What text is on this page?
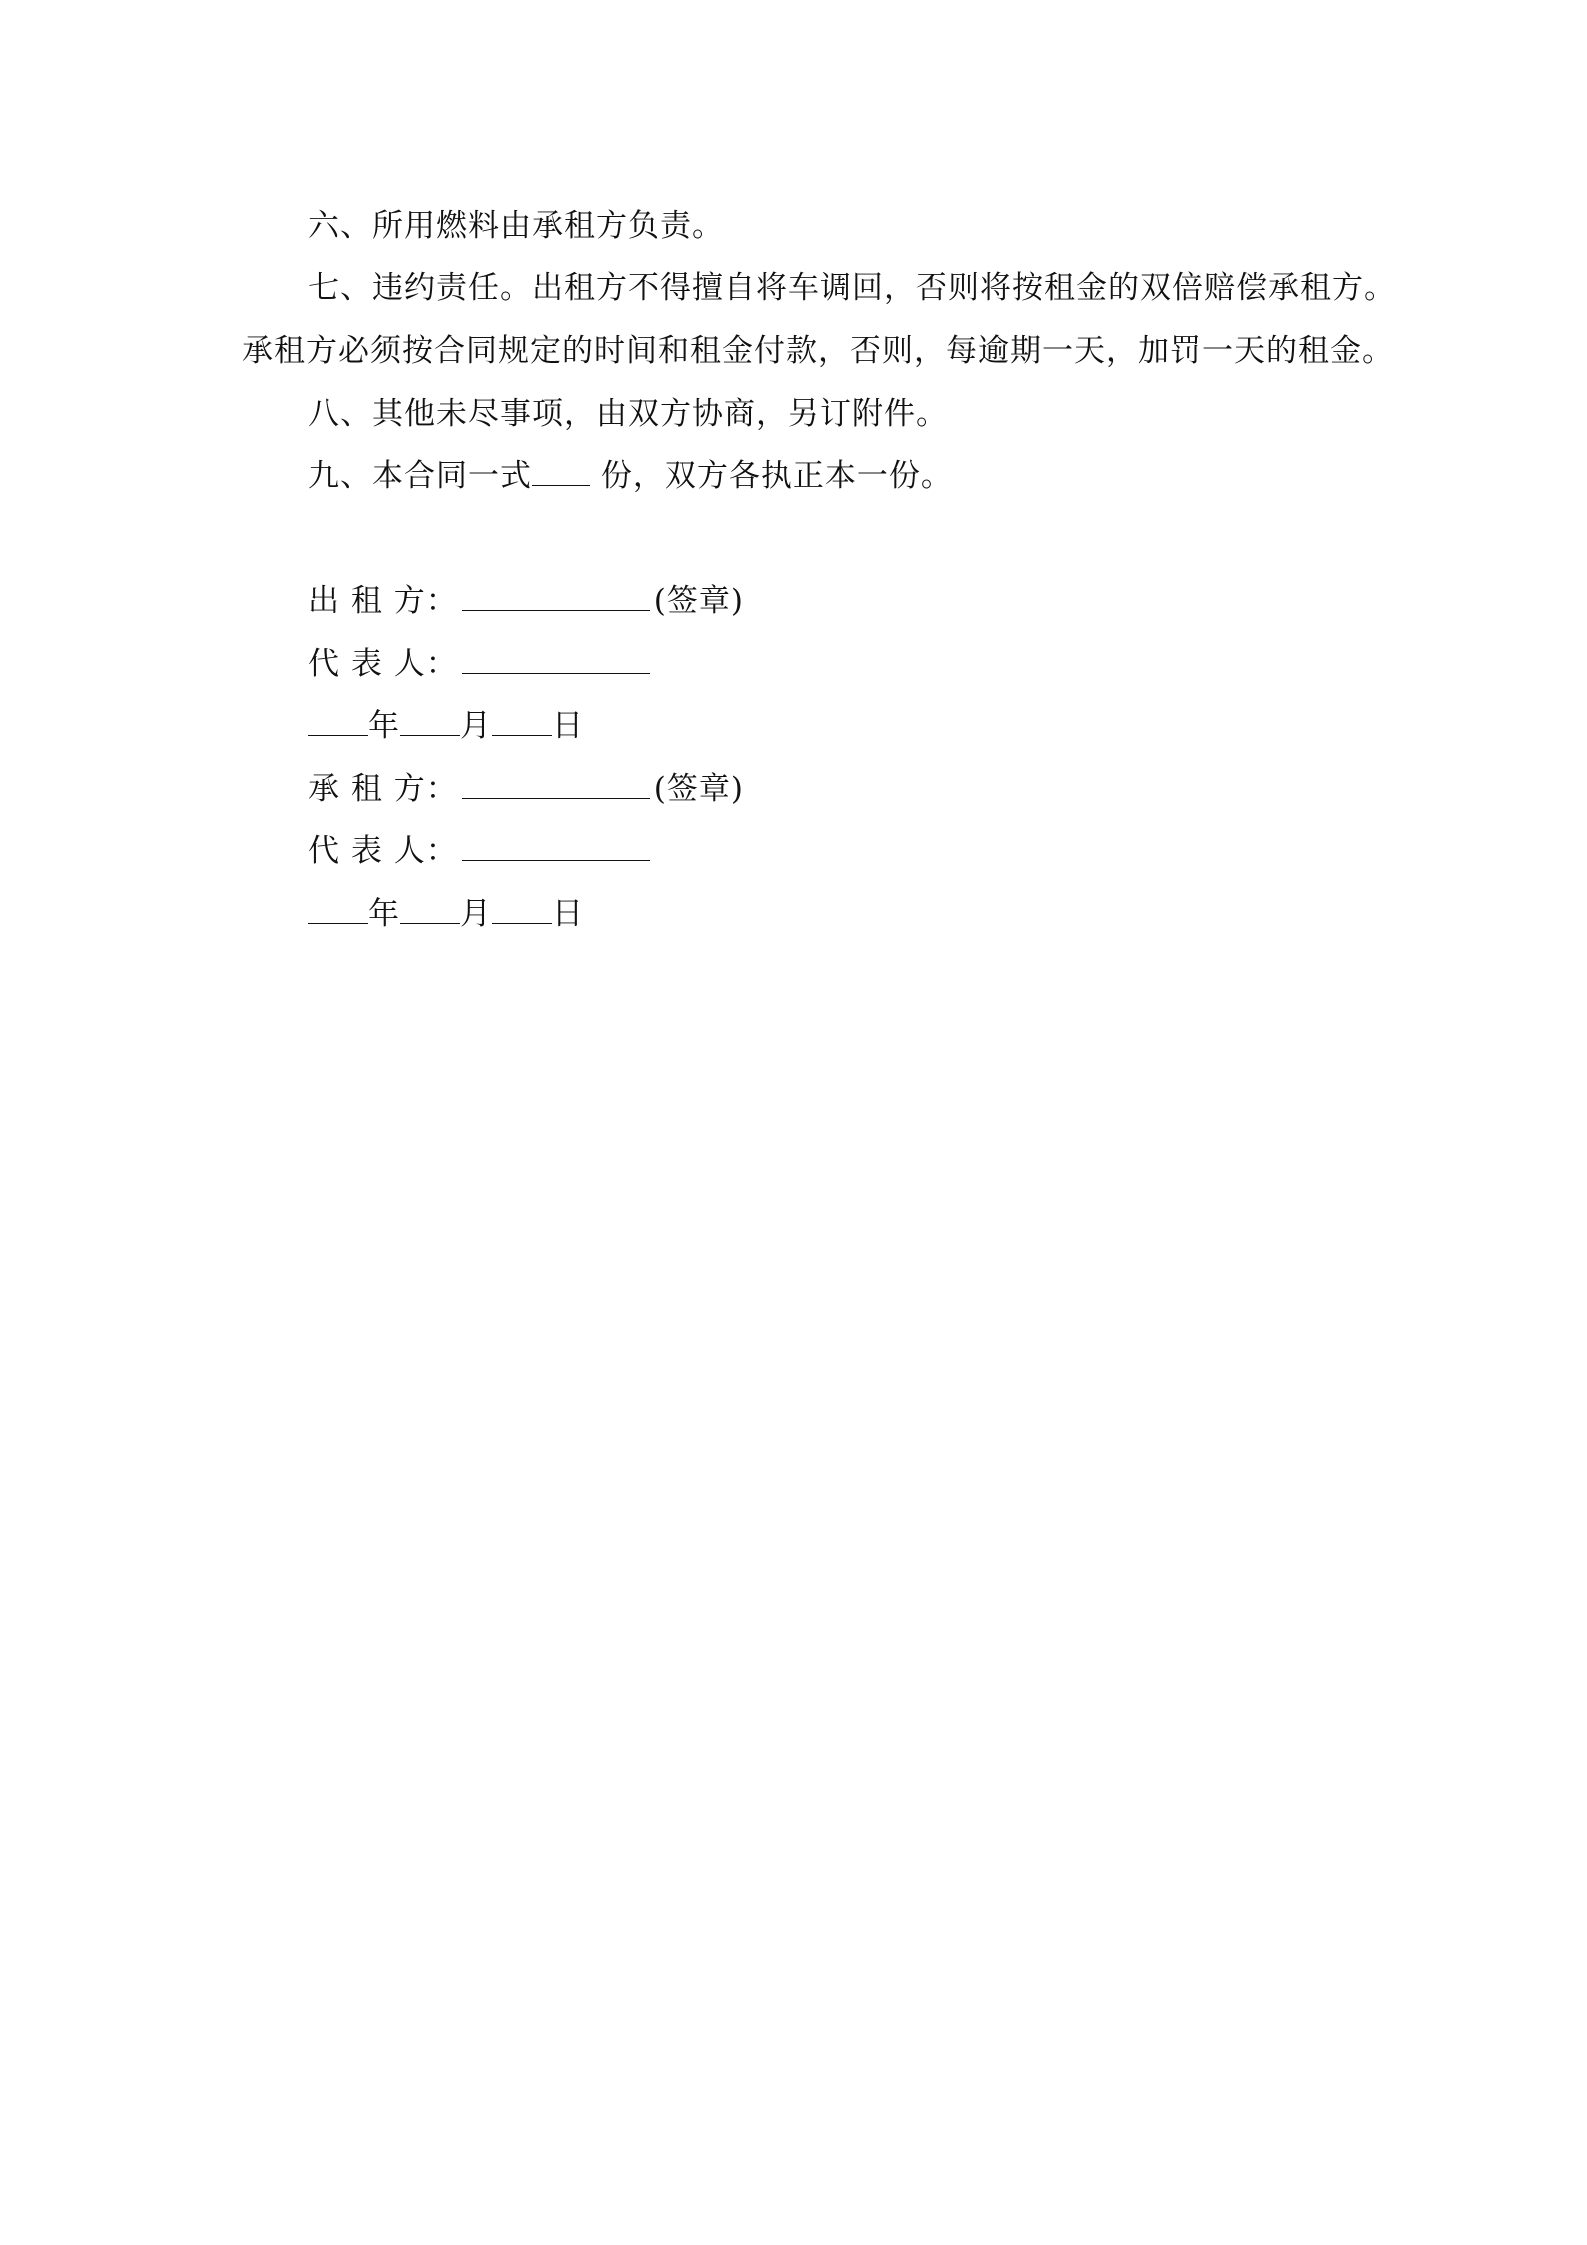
六、所用燃料由承租方负责。
七、违约责任。出租方不得擅自将车调回，否则将按租金的双倍赔偿承租方。
承租方必须按合同规定的时间和租金付款，否则，每逾期一天，加罚一天的租金。
八、其他未尽事项，由双方协商，另订附件。
九、本合同一式 份，双方各执正本一份。
出 租 方：	(签章)
代 表 人：
年 月 日
承 租 方：	(签章)
代 表 人：
年 月 日
